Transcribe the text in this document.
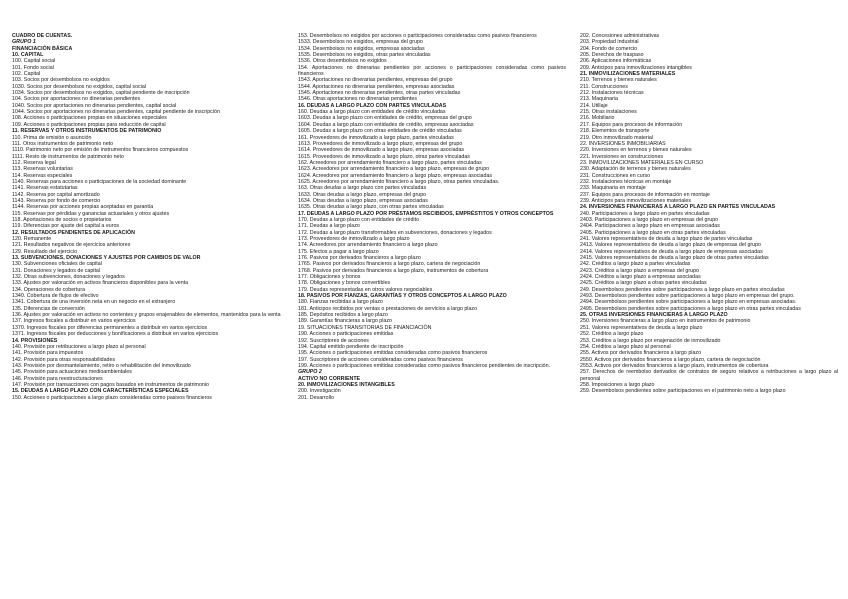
CUADRO DE CUENTAS.

GRUPO 1

FINANCIACIÓN BÁSICA

10. CAPITAL

100. Capital social

101. Fondo social

102. Capital

103. Socios por desembolsos no exigidos

1030. Socios por desembolsos no exigidos, capital social

1034. Socios por desembolsos no exigidos, capital pendiente de inscripción

104. Socios por aportaciones no dinerarias pendientes

1040. Socios por aportaciones no dinerarias pendientes, capital social

1044. Socios por aportaciones no dinerarias pendientes, capital pendiente de inscripción

108. Acciones o participaciones propias en situaciones especiales

109. Acciones o participaciones propias para reducción de capital

11. RESERVAS Y OTROS INSTRUMENTOS DE PATRIMONIO

110. Prima de emisión o asunción

111. Otros instrumentos de patrimonio neto

1110. Patrimonio neto por emisión de instrumentos financieros compuestos

1111. Resto de instrumentos de patrimonio neto

112. Reserva legal

113. Reservas voluntarias

114. Reservas especiales

1140. Reservas para acciones o participaciones de la sociedad dominante

1141. Reservas estatutarias

1142. Reserva por capital amortizado

1143. Reserva por fondo de comercio

1144. Reservas por acciones propias aceptadas en garantía

115. Reservas por pérdidas y ganancias actuariales y otros ajustes

118. Aportaciones de socios o propietarios

119. Diferencias por ajuste del capital a euros

12. RESULTADOS PENDIENTES DE APLICACIÓN

120. Remanente

121. Resultados negativos de ejercicios anteriores

129. Resultado del ejercicio

13. SUBVENCIONES, DONACIONES Y AJUSTES POR CAMBIOS DE VALOR

130. Subvenciones oficiales de capital

131. Donaciones y legados de capital

132. Otras subvenciones, donaciones y legados

133. Ajustes por valoración en activos financieros disponibles para la venta

134. Operaciones de cobertura

1340. Cobertura de flujos de efectivo

1341. Cobertura de una inversión neta en un negocio en el extranjero

135. Diferencias de conversión

136. Ajustes por valoración en activos no corrientes y grupos enajenables de elementos, mantenidos para la venta

137. Ingresos fiscales a distribuir en varios ejercicios

1370. Ingresos fiscales por diferencias permanentes a distribuir en varios ejercicios

1371. Ingresos fiscales por deducciones y bonificaciones a distribuir en varios ejercicios

14. PROVISIONES

140. Provisión por retribuciones a largo plazo al personal

141. Provisión para impuestos

142. Provisión para otras responsabilidades

143. Provisión por desmantelamiento, retiro o rehabilitación del inmovilizado

145. Provisión para actuaciones medioambientales

146. Provisión para reestructuraciones

147. Provisión por transacciones con pagos basados en instrumentos de patrimonio

15. DEUDAS A LARGO PLAZO CON CARACTERÍSTICAS ESPECIALES

150. Acciones o participaciones a largo plazo consideradas como pasivos financieros

153. Desembolsos no exigidos por acciones o participaciones consideradas como pasivos financieros

1533. Desembolsos no exigidos, empresas del grupo

1534. Desembolsos no exigidos, empresas asociadas

1535. Desembolsos no exigidos, otras partes vinculadas

1536. Otros desembolsos no exigidos

154. Aportaciones no dinerarias pendientes por acciones o participaciones consideradas como pasivos financieros

1543. Aportaciones no dinerarias pendientes, empresas del grupo

1544. Aportaciones no dinerarias pendientes, empresas asociadas

1545. Aportaciones no dinerarias pendientes, otras partes vinculadas

1546. Otras aportaciones no dinerarias pendientes

16. DEUDAS A LARGO PLAZO CON PARTES VINCULADAS

160. Deudas a largo plazo con entidades de crédito vinculadas

1603. Deudas a largo plazo con entidades de crédito, empresas del grupo

1604. Deudas a largo plazo con entidades de crédito, empresas asociadas

1605. Deudas a largo plazo con otras entidades de crédito vinculadas

161. Proveedores de inmovilizado a largo plazo, partes vinculadas

1613. Proveedores de inmovilizado a largo plazo, empresas del grupo

1614. Proveedores de inmovilizado a largo plazo, empresas asociadas

1615. Proveedores de inmovilizado a largo plazo, otras partes vinculadas

162. Acreedores por arrendamiento financiero a largo plazo, partes vinculadas

1623. Acreedores por arrendamiento financiero a largo plazo, empresas de grupo

1624. Acreedores por arrendamiento financiero a largo plazo, empresas asociadas

1625. Acreedores por arrendamiento financiero a largo plazo, otras partes vinculadas.

163. Otras deudas a largo plazo con partes vinculadas

1633. Otras deudas a largo plazo, empresas del grupo

1634. Otras deudas a largo plazo, empresas asociadas

1635. Otras deudas a largo plazo, con otras partes vinculadas

17. DEUDAS A LARGO PLAZO POR PRÉSTAMOS RECIBIDOS, EMPRÉSTITOS Y OTROS CONCEPTOS

170. Deudas a largo plazo con entidades de crédito

171. Deudas a largo plazo

172. Deudas a largo plazo transformables en subvenciones, donaciones y legados

173. Proveedores de inmovilizado a largo plazo

174. Acreedores por arrendamiento financiero a largo plazo

175. Efectos a pagar a largo plazo

176. Pasivos por derivados financieros a largo plazo

1765. Pasivos por derivados financieros a largo plazo, cartera de negociación

1768. Pasivos por derivados financieros a largo plazo, instrumentos de cobertura

177. Obligaciones y bonos

178. Obligaciones y bonos convertibles

179. Deudas representadas en otros valores negociables

18. PASIVOS POR FIANZAS, GARANTÍAS Y OTROS CONCEPTOS A LARGO PLAZO

180. Fianzas recibidas a largo plazo

181. Anticipos recibidos por ventas o prestaciones de servicios a largo plazo

185. Depósitos recibidos a largo plazo

189. Garantías financieras a largo plazo

19. SITUACIONES TRANSITORIAS DE FINANCIACIÓN

190. Acciones o participaciones emitidas

192. Suscriptores de acciones

194. Capital emitido pendiente de inscripción

195. Acciones o participaciones emitidas consideradas como pasivos financieros

197. Suscriptores de acciones consideradas como pasivos financieros

199. Acciones o participaciones emitidas consideradas como pasivos financieros pendientes de inscripción.

GRUPO 2

ACTIVO NO CORRIENTE

20. INMOVILIZACIONES INTANGIBLES

200. Investigación

201. Desarrollo

202. Concesiones administrativas

203. Propiedad industrial

204. Fondo de comercio

205. Derechos de traspaso

206. Aplicaciones informáticas

209. Anticipos para inmovilizaciones intangibles

21. INMOVILIZACIONES MATERIALES

210. Terrenos y bienes naturales

211. Construcciones

212. Instalaciones técnicas

213. Maquinaria

214. Utillaje

215. Otras instalaciones

216. Mobiliario

217. Equipos para procesos de información

218. Elementos de transporte

219. Otro inmovilizado material

22. INVERSIONES INMOBILIARIAS

220. Inversiones en terrenos y bienes naturales

221. Inversiones en construcciones

23. INMOVILIZACIONES MATERIALES EN CURSO

230. Adaptación de terrenos y bienes naturales

231. Construcciones en curso

232. Instalaciones técnicas en montaje

233. Maquinaria en montaje

237. Equipos para procesos de información en montaje

239. Anticipos para inmovilizaciones materiales

24. INVERSIONES FINANCIERAS A LARGO PLAZO EN PARTES VINCULADAS

240. Participaciones a largo plazo en partes vinculadas

2403. Participaciones a largo plazo en empresas del grupo

2404. Participaciones a largo plazo en empresas asociadas

2405. Participaciones a largo plazo en otras partes vinculadas

241. Valores representativos de deuda a largo plazo de partes vinculadas

2413. Valores representativos de deuda a largo plazo de empresas del grupo

2414. Valores representativos de deuda a largo plazo de empresas asociadas

2415. Valores representativos de deuda a largo plazo de otras partes vinculadas

242. Créditos a largo plazo a partes vinculadas

2423. Créditos a largo plazo a empresas del grupo

2424. Créditos a largo plazo a empresas asociadas

2425. Créditos a largo plazo a otras partes vinculadas

249. Desembolsos pendientes sobre participaciones a largo plazo en partes vinculadas

2493. Desembolsos pendientes sobre participaciones a largo plazo en empresas del grupo.

2494. Desembolsos pendientes sobre participaciones a largo plazo en empresas asociadas.

2495. Desembolsos pendientes sobre participaciones a largo plazo en otras partes vinculadas

25. OTRAS INVERSIONES FINANCIERAS A LARGO PLAZO

250. Inversiones financieras a largo plazo en instrumentos de patrimonio

251. Valores representativos de deuda a largo plazo

252. Créditos a largo plazo

253. Créditos a largo plazo por enajenación de inmovilizado

254. Créditos a largo plazo al personal

255. Activos por derivados financieros a largo plazo

2550. Activos por derivados financieros a largo plazo, cartera de negociación

2553. Activos por derivados financieros a largo plazo, instrumentos de cobertura

257. Derechos de reembolso derivados de contratos de seguro relativos a retribuciones a largo plazo al personal

258. Imposiciones a largo plazo

259. Desembolsos pendientes sobre participaciones en el patrimonio neto a largo plazo
